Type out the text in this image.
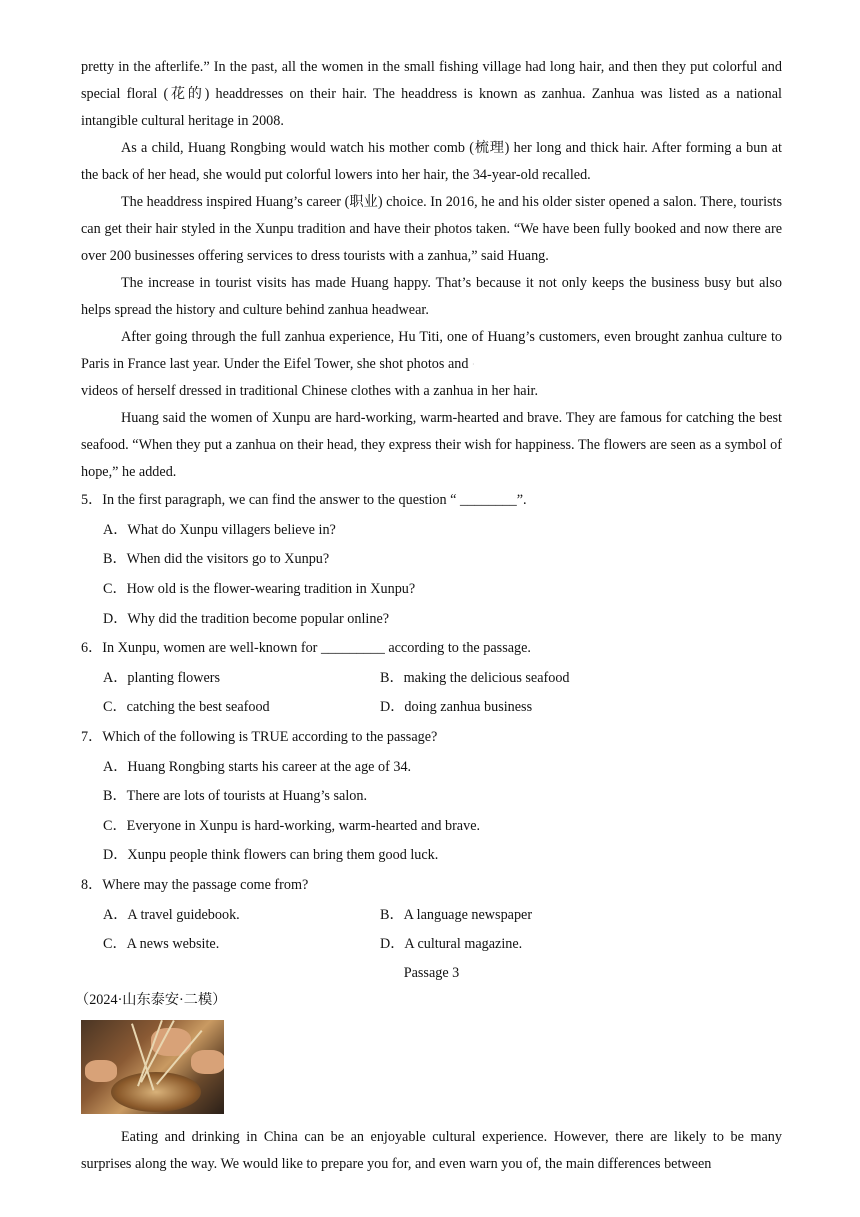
pretty in the afterlife.” In the past, all the women in the small fishing village had long hair, and then they put colorful and special floral (花的) headdresses on their hair. The headdress is known as zanhua. Zanhua was listed as a national intangible cultural heritage in 2008.

As a child, Huang Rongbing would watch his mother comb (梳理) her long and thick hair. After forming a bun at the back of her head, she would put colorful lowers into her hair, the 34-year-old recalled.

The headdress inspired Huang’s career (职业) choice. In 2016, he and his older sister opened a salon. There, tourists can get their hair styled in the Xunpu tradition and have their photos taken. “We have been fully booked and now there are over 200 businesses offering services to dress tourists with a zanhua,” said Huang.

The increase in tourist visits has made Huang happy. That’s because it not only keeps the business busy but also helps spread the history and culture behind zanhua headwear.

After going through the full zanhua experience, Hu Titi, one of Huang’s customers, even brought zanhua culture to Paris in France last year. Under the Eifel Tower, she shot photos and ·

videos of herself dressed in traditional Chinese clothes with a zanhua in her hair.

Huang said the women of Xunpu are hard-working, warm-hearted and brave. They are famous for catching the best seafood. “When they put a zanhua on their head, they express their wish for happiness. The flowers are seen as a symbol of hope,” he added.

5．In the first paragraph, we can find the answer to the question “ ________”.

A．What do Xunpu villagers believe in?

B．When did the visitors go to Xunpu?

C．How old is the flower-wearing tradition in Xunpu?

D．Why did the tradition become popular online?

6．In Xunpu, women are well-known for _________ according to the passage.

A．planting flowers	B．making the delicious seafood
C．catching the best seafood	D．doing zanhua business

7．Which of the following is TRUE according to the passage?

A．Huang Rongbing starts his career at the age of 34.

B．There are lots of tourists at Huang’s salon.

C．Everyone in Xunpu is hard-working, warm-hearted and brave.

D．Xunpu people think flowers can bring them good luck.

8．Where may the passage come from?

A．A travel guidebook.	B．A language newspaper
C．A news website.	D．A cultural magazine.
Passage 3
（2024·山东泰安·二模）

Eating and drinking in China can be an enjoyable cultural experience. However, there are likely to be many surprises along the way. We would like to prepare you for, and even warn you of, the main differences between
